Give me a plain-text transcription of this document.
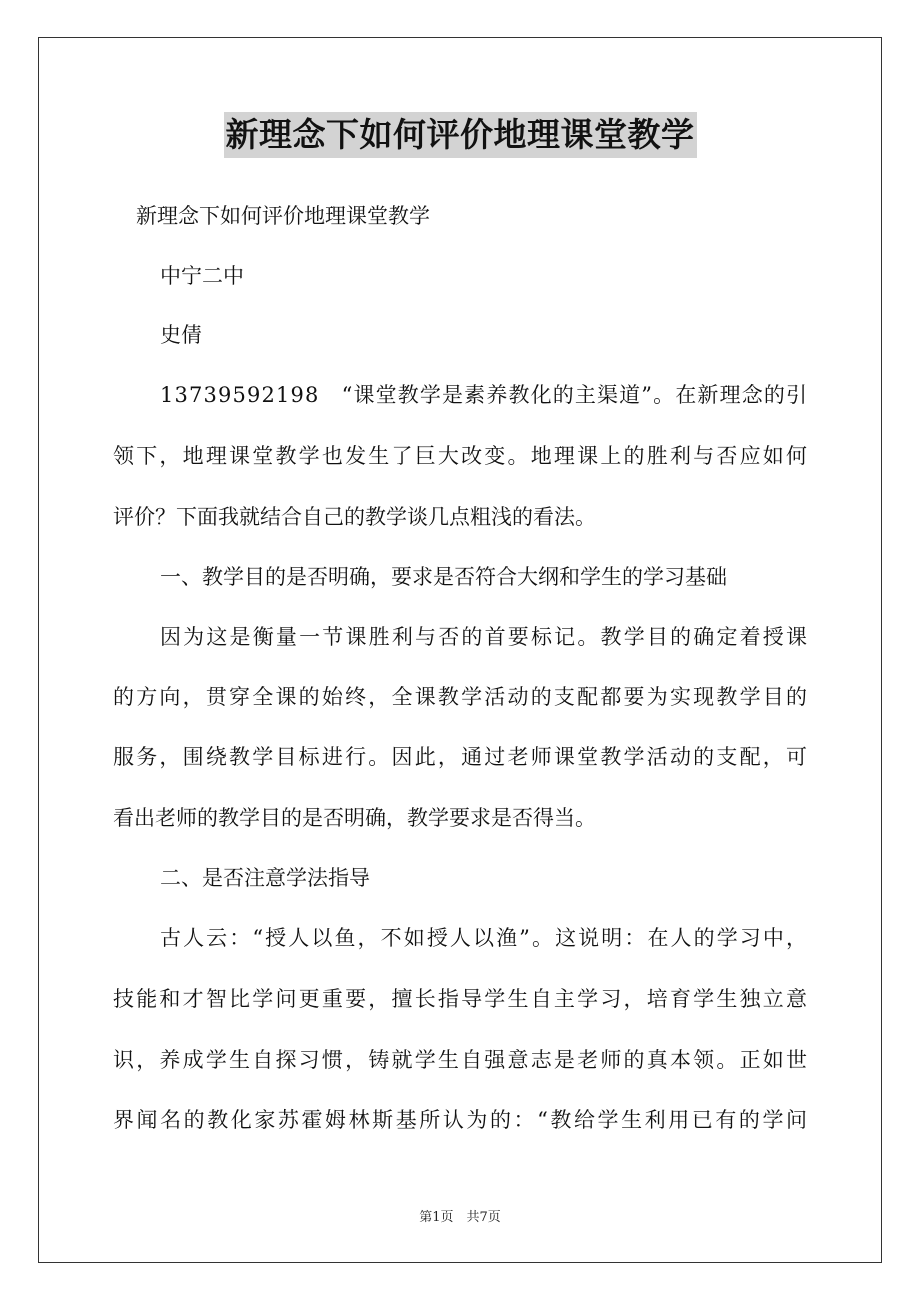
新理念下如何评价地理课堂教学
新理念下如何评价地理课堂教学
中宁二中
史倩
13739592198　“课堂教学是素养教化的主渠道”。在新理念的引
领下，地理课堂教学也发生了巨大改变。地理课上的胜利与否应如何
评价？下面我就结合自己的教学谈几点粗浅的看法。
一、教学目的是否明确，要求是否符合大纲和学生的学习基础
因为这是衡量一节课胜利与否的首要标记。教学目的确定着授课
的方向，贯穿全课的始终，全课教学活动的支配都要为实现教学目的
服务，围绕教学目标进行。因此，通过老师课堂教学活动的支配，可
看出老师的教学目的是否明确，教学要求是否得当。
二、是否注意学法指导
古人云：“授人以鱼，不如授人以渔”。这说明：在人的学习中，
技能和才智比学问更重要，擅长指导学生自主学习，培育学生独立意
识，养成学生自探习惯，铸就学生自强意志是老师的真本领。正如世
界闻名的教化家苏霍姆林斯基所认为的：“教给学生利用已有的学问
第1页　共7页
